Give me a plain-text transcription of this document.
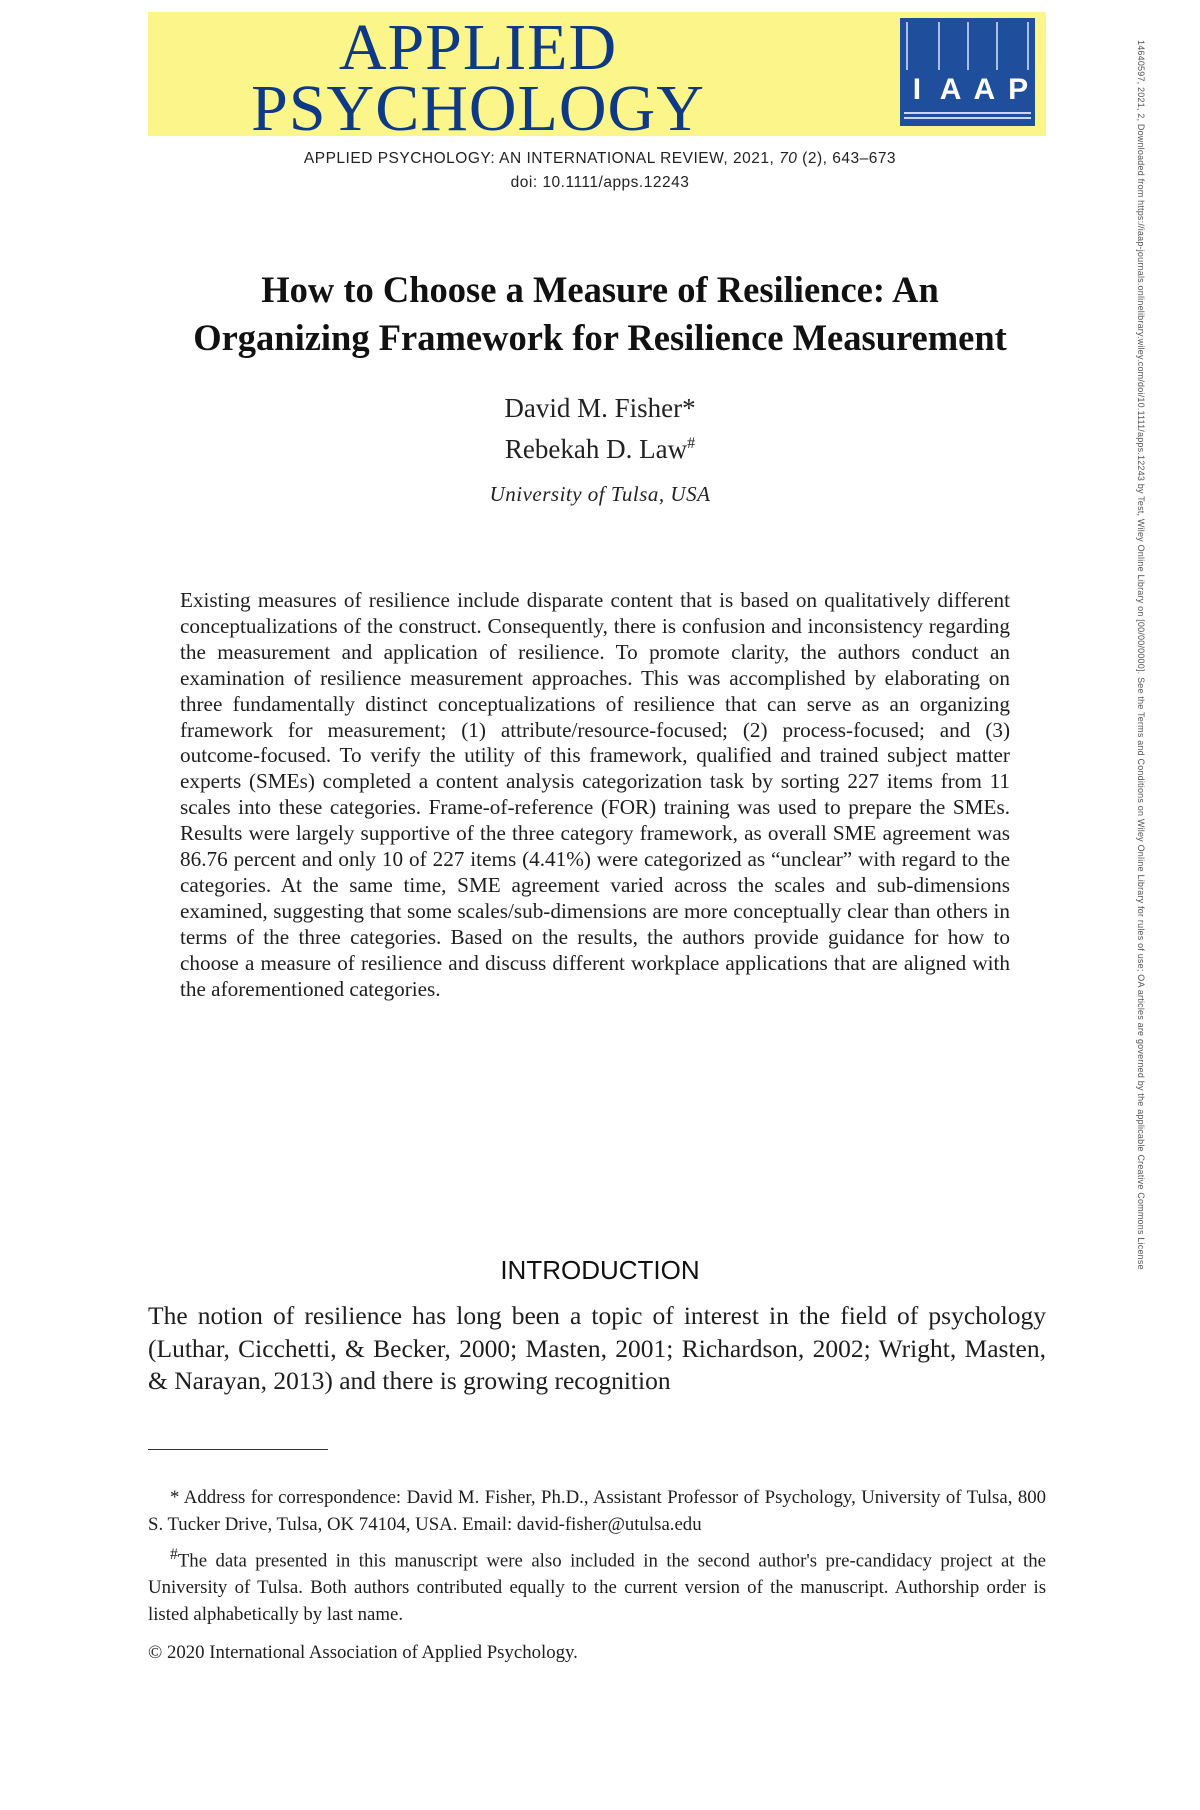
APPLIED
PSYCHOLOGY	I A A P
APPLIED PSYCHOLOGY: AN INTERNATIONAL REVIEW, 2021, 70 (2), 643–673
doi: 10.1111/apps.12243
How to Choose a Measure of Resilience: An
Organizing Framework for Resilience Measurement
David M. Fisher*
Rebekah D. Law#
University of Tulsa, USA

Existing measures of resilience include disparate content that is based on qualitatively different conceptualizations of the construct. Consequently, there is confusion and inconsistency regarding the measurement and application of resilience. To promote clarity, the authors conduct an examination of resilience measurement approaches. This was accomplished by elaborating on three fundamentally distinct conceptualizations of resilience that can serve as an organizing framework for measurement; (1) attribute/resource-focused; (2) process-focused; and (3) outcome-focused. To verify the utility of this framework, qualified and trained subject matter experts (SMEs) completed a content analysis categorization task by sorting 227 items from 11 scales into these categories. Frame-of-reference (FOR) training was used to prepare the SMEs. Results were largely supportive of the three category framework, as overall SME agreement was 86.76 percent and only 10 of 227 items (4.41%) were categorized as “unclear” with regard to the categories. At the same time, SME agreement varied across the scales and sub-dimensions examined, suggesting that some scales/sub-dimensions are more conceptually clear than others in terms of the three categories. Based on the results, the authors provide guidance for how to choose a measure of resilience and discuss different workplace applications that are aligned with the aforementioned categories.

INTRODUCTION

The notion of resilience has long been a topic of interest in the field of psychology (Luthar, Cicchetti, & Becker, 2000; Masten, 2001; Richardson, 2002; Wright, Masten, & Narayan, 2013) and there is growing recognition

* Address for correspondence: David M. Fisher, Ph.D., Assistant Professor of Psychology, University of Tulsa, 800 S. Tucker Drive, Tulsa, OK 74104, USA. Email: david-fisher@utulsa.edu

#The data presented in this manuscript were also included in the second author's pre-candidacy project at the University of Tulsa. Both authors contributed equally to the current version of the manuscript. Authorship order is listed alphabetically by last name.

© 2020 International Association of Applied Psychology.
14640597, 2021, 2, Downloaded from https://iaap-journals.onlinelibrary.wiley.com/doi/10.1111/apps.12243 by Test, Wiley Online Library on [00/00/0000]. See the Terms and Conditions on Wiley Online Library for rules of use; OA articles are governed by the applicable Creative Commons License
